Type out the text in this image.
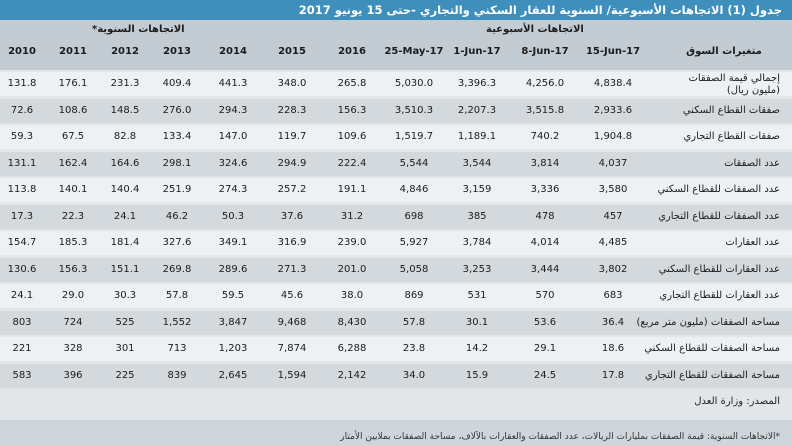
جدول (1) الاتجاهات الأسبوعية/ السنوية للعقار السكني والتجاري -حتى 15 يونيو 2017
الاتجاهات السنوية*	الاتجاهات الأسبوعية
متغيرات السوق
15-Jun-17
8-Jun-17
1-Jun-17
25-May-17
2016
2015
2014
2013
2012
2011
2010
إجمالي قيمة الصفقات (مليون ريال)
4,838.4
4,256.0
3,396.3
5,030.0
265.8
348.0
441.3
409.4
231.3
176.1
131.8
صفقات القطاع السكني
2,933.6
3,515.8
2,207.3
3,510.3
156.3
228.3
294.3
276.0
148.5
108.6
72.6
صفقات القطاع التجاري
1,904.8
740.2
1,189.1
1,519.7
109.6
119.7
147.0
133.4
82.8
67.5
59.3
عدد الصفقات
4,037
3,814
3,544
5,544
222.4
294.9
324.6
298.1
164.6
162.4
131.1
عدد الصفقات للقطاع السكني
3,580
3,336
3,159
4,846
191.1
257.2
274.3
251.9
140.4
140.1
113.8
عدد الصفقات للقطاع التجاري
457
478
385
698
31.2
37.6
50.3
46.2
24.1
22.3
17.3
عدد العقارات
4,485
4,014
3,784
5,927
239.0
316.9
349.1
327.6
181.4
185.3
154.7
عدد العقارات للقطاع السكني
3,802
3,444
3,253
5,058
201.0
271.3
289.6
269.8
151.1
156.3
130.6
عدد العقارات للقطاع التجاري
683
570
531
869
38.0
45.6
59.5
57.8
30.3
29.0
24.1
مساحة الصفقات (مليون متر مربع)
36.4
53.6
30.1
57.8
8,430
9,468
3,847
1,552
525
724
803
مساحة الصفقات للقطاع السكني
18.6
29.1
14.2
23.8
6,288
7,874
1,203
713
301
328
221
مساحة الصفقات للقطاع التجاري
17.8
24.5
15.9
34.0
2,142
1,594
2,645
839
225
396
583
المصدر: وزارة العدل
*الاتجاهات السنوية: قيمة الصفقات بمليارات الريالات، عدد الصفقات والعقارات بالآلاف، مساحة الصفقات بملايين الأمتار
